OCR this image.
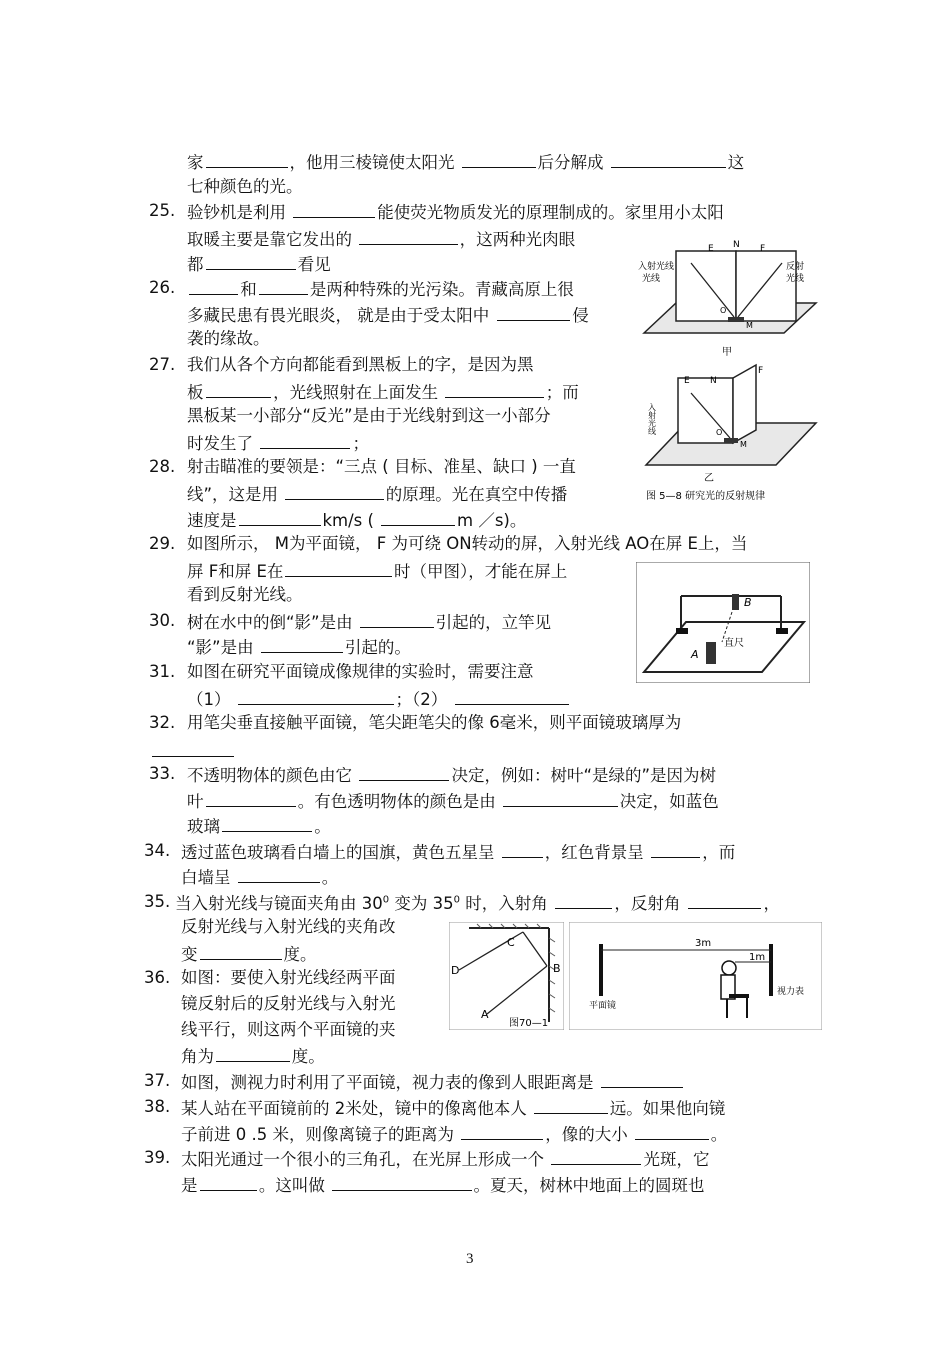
家	，他用三棱镜使太阳光	后分解成	这
七种颜色的光。
25. 验钞机是利用	能使荧光物质发光的原理制成的。家里用小太阳
取暖主要是靠它发出的	，这两种光肉眼
都	看见
26.	和	是两种特殊的光污染。青藏高原上很
多藏民患有畏光眼炎， 就是由于受太阳中	侵
袭的缘故。
27. 我们从各个方向都能看到黑板上的字，是因为黑
板	，光线照射在上面发生	；而
黑板某一小部分“反光”是由于光线射到这一小部分
时发生了	；
28. 射击瞄准的要领是：“三点 ( 目标、准星、缺口 ) 一直
线”，这是用	的原理。光在真空中传播
速度是	km/s (	m ／s)。
29. 如图所示， M为平面镜， F 为可绕 ON转动的屏，入射光线 AO在屏 E上，当
屏 F和屏 E在	时（甲图），才能在屏上
看到反射光线。
30. 树在水中的倒“影”是由	引起的，立竿见
“影”是由	引起的。
31. 如图在研究平面镜成像规律的实验时，需要注意
（1）	；（2）
32. 用笔尖垂直接触平面镜，笔尖距笔尖的像 6毫米，则平面镜玻璃厚为
33. 不透明物体的颜色由它	决定，例如：树叶“是绿的”是因为树
叶	。有色透明物体的颜色是由	决定，如蓝色
玻璃	。
34. 透过蓝色玻璃看白墙上的国旗，黄色五星呈	，红色背景呈	，而
白墙呈	。
36. 如图：要使入射光线经两平面
镜反射后的反射光线与入射光
线平行，则这两个平面镜的夹
角为	度。
37. 如图，测视力时利用了平面镜，视力表的像到人眼距离是
38. 某人站在平面镜前的 2米处，镜中的像离他本人	远。如果他向镜
子前进 0 .5 米，则像离镜子的距离为	，像的大小	。
39. 太阳光通过一个很小的三角孔，在光屏上形成一个	光斑，它
是	。这叫做	。夏天，树林中地面上的圆斑也
35. 当入射光线与镜面夹角由 $30^0$ 变为 $35^0$ 时，入射角	，反射角	，
反射光线与入射光线的夹角改
变	度。
E N F
入射光线
光线
反射
光线
O
M
甲
E N
F
入射光线	O
M
乙
图 5—8 研究光的反射规律
B
A
直尺
D
C
B
A
图70—1
3m
1m
平面镜
视力表
3
